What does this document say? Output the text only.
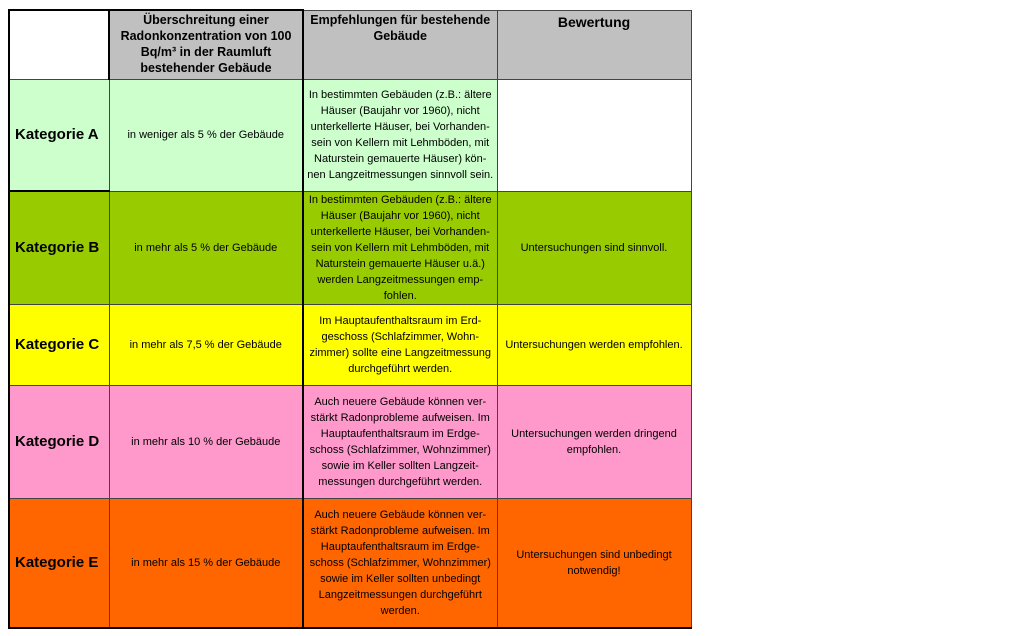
	Überschreitung einer Radonkonzentration von 100 Bq/m³ in der Raumluft bestehender Gebäude	Empfehlungen für bestehende Gebäude	Bewertung
Kategorie A	in weniger als 5 % der Gebäude	In bestimmten Gebäuden (z.B.: ältere Häuser (Baujahr vor 1960), nicht unterkellerte Häuser, bei Vorhanden-sein von Kellern mit Lehmböden, mit Naturstein gemauerte Häuser) kön-nen Langzeitmessungen sinnvoll sein.	
Kategorie B	in mehr als 5 % der Gebäude	In bestimmten Gebäuden (z.B.: ältere Häuser (Baujahr vor 1960), nicht unterkellerte Häuser, bei Vorhanden-sein von Kellern mit Lehmböden, mit Naturstein gemauerte Häuser u.ä.) werden Langzeitmessungen emp-fohlen.	Untersuchungen sind sinnvoll.
Kategorie C	in mehr als 7,5 % der Gebäude	Im Hauptaufenthaltsraum im Erd-geschoss (Schlafzimmer, Wohn-zimmer) sollte eine Langzeitmessung durchgeführt werden.	Untersuchungen werden empfohlen.
Kategorie D	in mehr als 10 % der Gebäude	Auch neuere Gebäude können ver-stärkt Radonprobleme aufweisen. Im Hauptaufenthaltsraum im Erdge-schoss (Schlafzimmer, Wohnzimmer) sowie im Keller sollten Langzeit-messungen durchgeführt werden.	Untersuchungen werden dringend empfohlen.
Kategorie E	in mehr als 15 % der Gebäude	Auch neuere Gebäude können ver-stärkt Radonprobleme aufweisen. Im Hauptaufenthaltsraum im Erdge-schoss (Schlafzimmer, Wohnzimmer) sowie im Keller sollten unbedingt Langzeitmessungen durchgeführt werden.	Untersuchungen sind unbedingt notwendig!
